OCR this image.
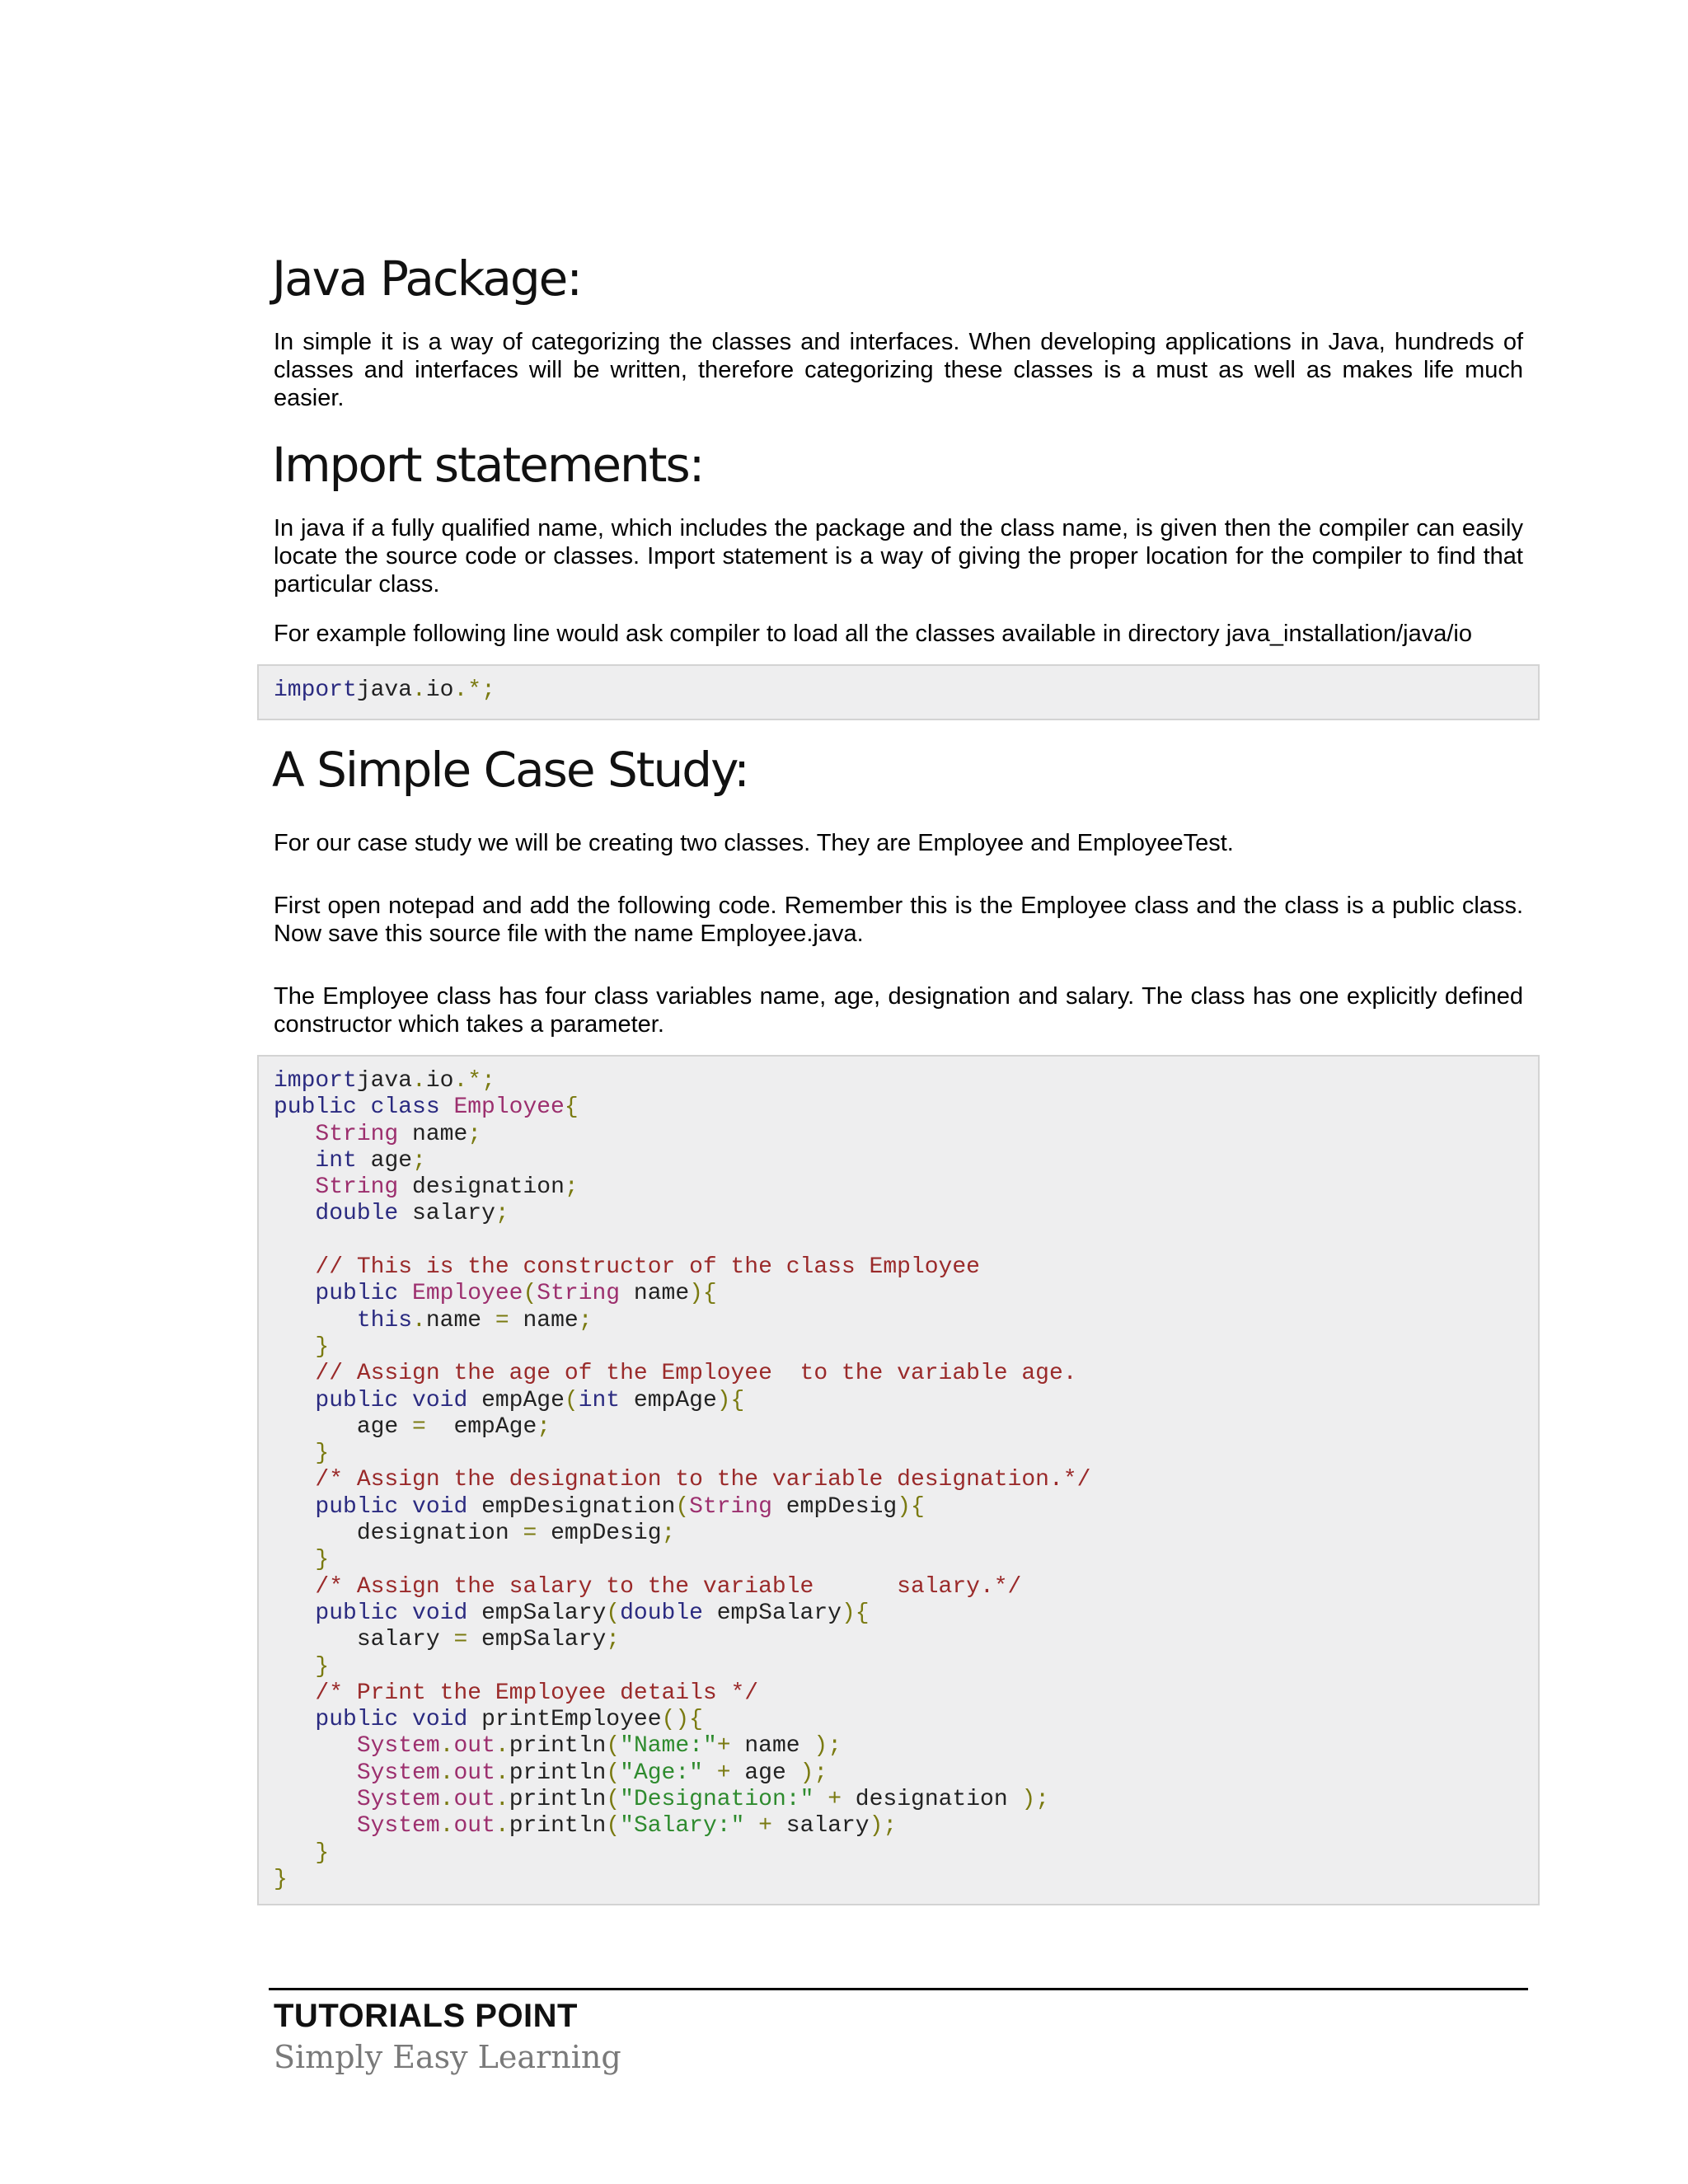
Java Package:

In simple it is a way of categorizing the classes and interfaces. When developing applications in Java, hundreds of classes and interfaces will be written, therefore categorizing these classes is a must as well as makes life much easier.

Import statements:

In java if a fully qualified name, which includes the package and the class name, is given then the compiler can easily locate the source code or classes. Import statement is a way of giving the proper location for the compiler to find that particular class.

For example following line would ask compiler to load all the classes available in directory java_installation/java/io

importjava.io.*;
A Simple Case Study:

For our case study we will be creating two classes. They are Employee and EmployeeTest.

First open notepad and add the following code. Remember this is the Employee class and the class is a public class. Now save this source file with the name Employee.java.

The Employee class has four class variables name, age, designation and salary. The class has one explicitly defined constructor which takes a parameter.

importjava.io.*;
public class Employee{
String name;
int age;
String designation;
double salary;
// This is the constructor of the class Employee
public Employee(String name){
this.name = name;
}
// Assign the age of the Employee  to the variable age.
public void empAge(int empAge){
age =  empAge;
}
/* Assign the designation to the variable designation.*/
public void empDesignation(String empDesig){
designation = empDesig;
}
/* Assign the salary to the variable      salary.*/
public void empSalary(double empSalary){
salary = empSalary;
}
/* Print the Employee details */
public void printEmployee(){
System.out.println("Name:"+ name );
System.out.println("Age:" + age );
System.out.println("Designation:" + designation );
System.out.println("Salary:" + salary);
}
}
TUTORIALS POINT
Simply Easy Learning
